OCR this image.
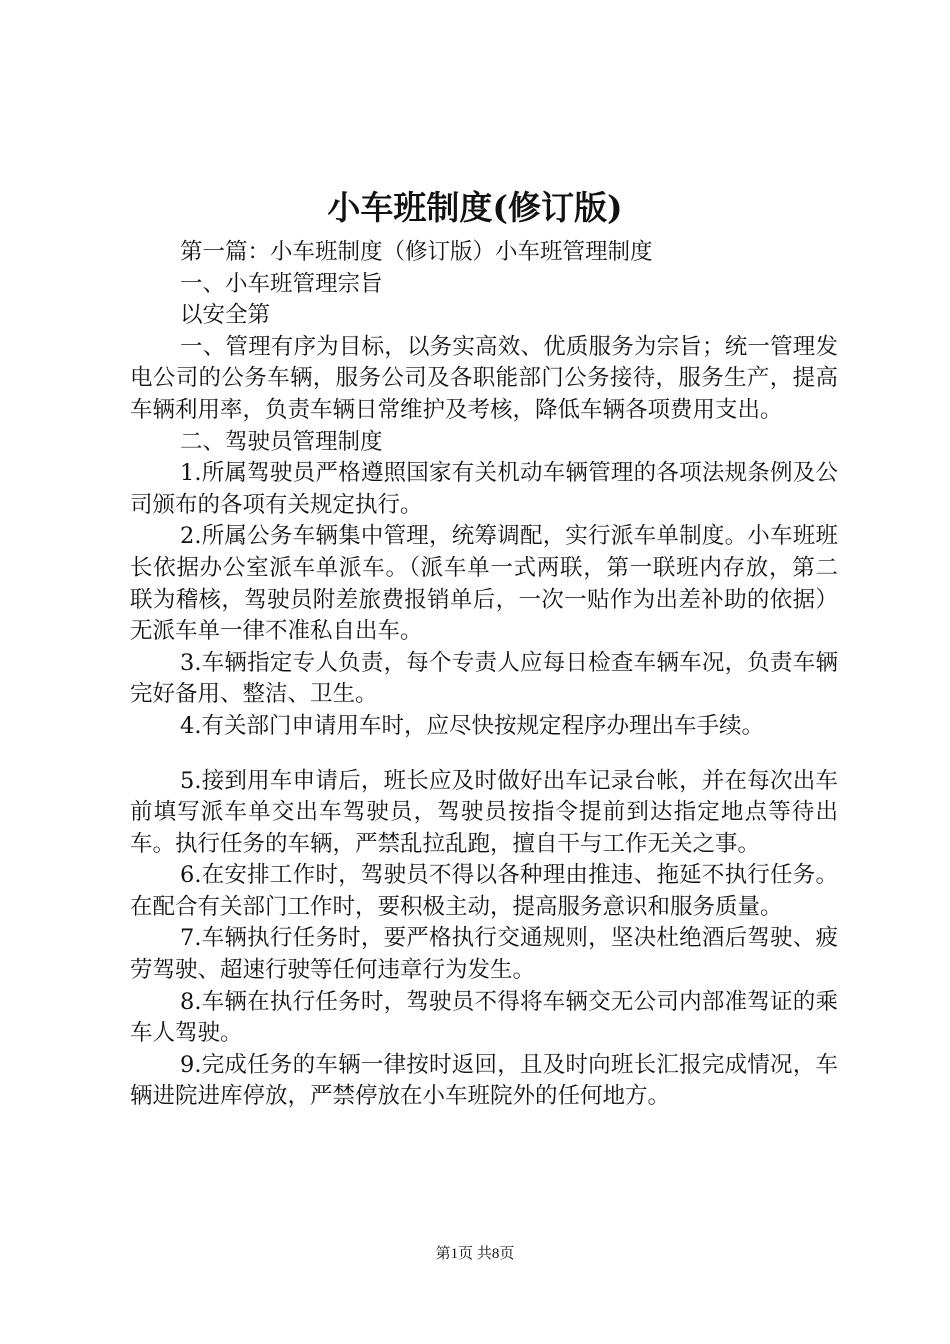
小车班制度(修订版)

第一篇：小车班制度（修订版）小车班管理制度

一、小车班管理宗旨

以安全第

一、管理有序为目标，以务实高效、优质服务为宗旨；统一管理发电公司的公务车辆，服务公司及各职能部门公务接待，服务生产，提高车辆利用率，负责车辆日常维护及考核，降低车辆各项费用支出。

二、驾驶员管理制度

1.所属驾驶员严格遵照国家有关机动车辆管理的各项法规条例及公司颁布的各项有关规定执行。

2.所属公务车辆集中管理，统筹调配，实行派车单制度。小车班班长依据办公室派车单派车。（派车单一式两联，第一联班内存放，第二联为稽核，驾驶员附差旅费报销单后，一次一贴作为出差补助的依据）无派车单一律不准私自出车。

3.车辆指定专人负责，每个专责人应每日检查车辆车况，负责车辆完好备用、整洁、卫生。

4.有关部门申请用车时，应尽快按规定程序办理出车手续。

5.接到用车申请后，班长应及时做好出车记录台帐，并在每次出车前填写派车单交出车驾驶员，驾驶员按指令提前到达指定地点等待出车。执行任务的车辆，严禁乱拉乱跑，擅自干与工作无关之事。

6.在安排工作时，驾驶员不得以各种理由推违、拖延不执行任务。在配合有关部门工作时，要积极主动，提高服务意识和服务质量。

7.车辆执行任务时，要严格执行交通规则，坚决杜绝酒后驾驶、疲劳驾驶、超速行驶等任何违章行为发生。

8.车辆在执行任务时，驾驶员不得将车辆交无公司内部准驾证的乘车人驾驶。

9.完成任务的车辆一律按时返回，且及时向班长汇报完成情况，车辆进院进库停放，严禁停放在小车班院外的任何地方。

第1页 共8页
